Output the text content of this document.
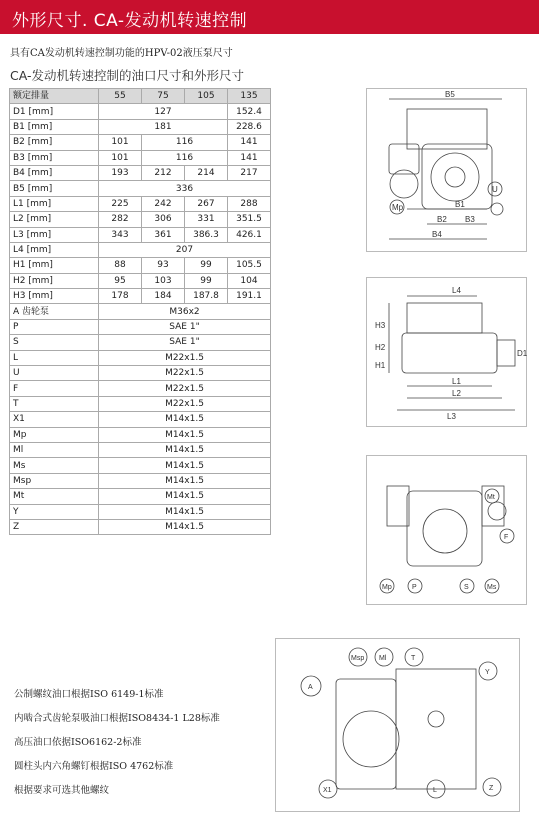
外形尺寸. CA-发动机转速控制
具有CA发动机转速控制功能的HPV-02液压泵尺寸
CA-发动机转速控制的油口尺寸和外形尺寸
额定排量	55	75	105	135
D1 [mm]	127			152.4
B1 [mm]	181			228.6
B2 [mm]	101	116		141
B3 [mm]	101	116		141
B4 [mm]	193	212	214	217
B5 [mm]	336			
L1 [mm]	225	242	267	288
L2 [mm]	282	306	331	351.5
L3 [mm]	343	361	386.3	426.1
L4 [mm]	207			
H1 [mm]	88	93	99	105.5
H2 [mm]	95	103	99	104
H3 [mm]	178	184	187.8	191.1
A 齿轮泵	M36x2			
P	SAE 1"			
S	SAE 1"			
L	M22x1.5			
U	M22x1.5			
F	M22x1.5			
T	M22x1.5			
X1	M14x1.5			
Mp	M14x1.5			
Ml	M14x1.5			
Ms	M14x1.5			
Msp	M14x1.5			
Mt	M14x1.5			
Y	M14x1.5			
Z	M14x1.5			
B5
B1
B2 B3
B4
Mp
U
L4
H3
H2
H1
L1
L2
L3
D1
Mt
F
Mp	P	S	Ms
Msp Ml	T
Y
A
X1	L	Z
公制螺纹油口根据ISO 6149-1标准
内啮合式齿轮泵吸油口根据ISO8434-1 L28标准
高压油口依据ISO6162-2标准
圆柱头内六角螺钉根据ISO 4762标准
根据要求可选其他螺纹
